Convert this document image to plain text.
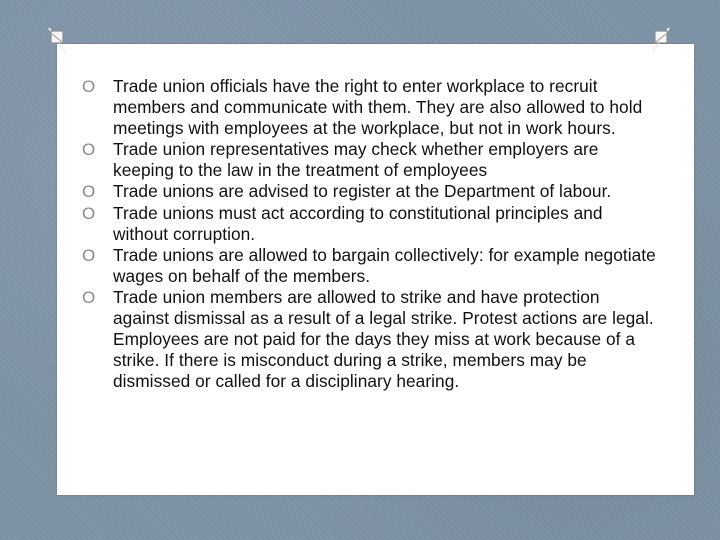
O Trade union officials have the right to enter workplace to recruit members and communicate with them. They are also allowed to hold meetings with employees at the workplace, but not in work hours.
O Trade union representatives may check whether employers are keeping to the law in the treatment of employees
O Trade unions are advised to register at the Department of labour.
O Trade unions must act according to constitutional principles and without corruption.
O Trade unions are allowed to bargain collectively: for example negotiate wages on behalf of the members.
O Trade union members are allowed to strike and have protection against dismissal as a result of a legal strike. Protest actions are legal. Employees are not paid for the days they miss at work because of a strike. If there is misconduct during a strike, members may be dismissed or called for a disciplinary hearing.
